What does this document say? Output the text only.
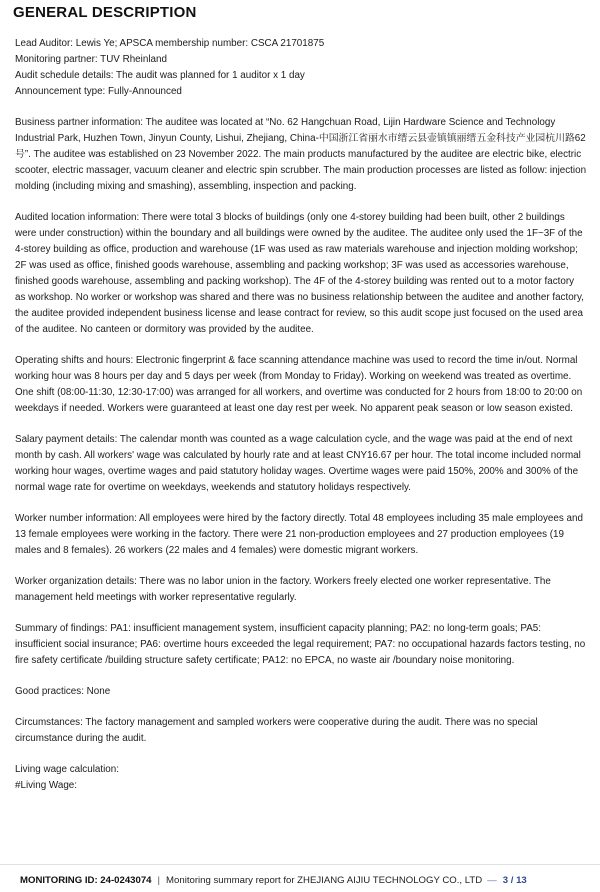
GENERAL DESCRIPTION

Lead Auditor: Lewis Ye; APSCA membership number: CSCA 21701875
Monitoring partner: TUV Rheinland
Audit schedule details: The audit was planned for 1 auditor x 1 day
Announcement type: Fully-Announced

Business partner information: The auditee was located at “No. 62 Hangchuan Road, Lijin Hardware Science and Technology Industrial Park, Huzhen Town, Jinyun County, Lishui, Zhejiang, China-中国浙江省丽水市缙云县壶镇镇丽缙五金科技产业园杭川路62号”. The auditee was established on 23 November 2022. The main products manufactured by the auditee are electric bike, electric scooter, electric massager, vacuum cleaner and electric spin scrubber. The main production processes are listed as follow: injection molding (including mixing and smashing), assembling, inspection and packing.

Audited location information: There were total 3 blocks of buildings (only one 4-storey building had been built, other 2 buildings were under construction) within the boundary and all buildings were owned by the auditee. The auditee only used the 1F~3F of the 4-storey building as office, production and warehouse (1F was used as raw materials warehouse and injection molding workshop; 2F was used as office, finished goods warehouse, assembling and packing workshop; 3F was used as accessories warehouse, finished goods warehouse, assembling and packing workshop). The 4F of the 4-storey building was rented out to a motor factory as workshop. No worker or workshop was shared and there was no business relationship between the auditee and another factory, the auditee provided independent business license and lease contract for review, so this audit scope just focused on the used area of the auditee. No canteen or dormitory was provided by the auditee.

Operating shifts and hours: Electronic fingerprint & face scanning attendance machine was used to record the time in/out. Normal working hour was 8 hours per day and 5 days per week (from Monday to Friday). Working on weekend was treated as overtime. One shift (08:00-11:30, 12:30-17:00) was arranged for all workers, and overtime was conducted for 2 hours from 18:00 to 20:00 on weekdays if needed. Workers were guaranteed at least one day rest per week. No apparent peak season or low season existed.

Salary payment details: The calendar month was counted as a wage calculation cycle, and the wage was paid at the end of next month by cash. All workers' wage was calculated by hourly rate and at least CNY16.67 per hour. The total income included normal working hour wages, overtime wages and paid statutory holiday wages. Overtime wages were paid 150%, 200% and 300% of the normal wage rate for overtime on weekdays, weekends and statutory holidays respectively.

Worker number information: All employees were hired by the factory directly. Total 48 employees including 35 male employees and 13 female employees were working in the factory. There were 21 non-production employees and 27 production employees (19 males and 8 females). 26 workers (22 males and 4 females) were domestic migrant workers.

Worker organization details: There was no labor union in the factory. Workers freely elected one worker representative. The management held meetings with worker representative regularly.

Summary of findings: PA1: insufficient management system, insufficient capacity planning; PA2: no long-term goals; PA5: insufficient social insurance; PA6: overtime hours exceeded the legal requirement; PA7: no occupational hazards factors testing, no fire safety certificate /building structure safety certificate; PA12: no EPCA, no waste air /boundary noise monitoring.

Good practices: None

Circumstances: The factory management and sampled workers were cooperative during the audit. There was no special circumstance during the audit.

Living wage calculation:
#Living Wage:

MONITORING ID: 24-0243074 | Monitoring summary report for ZHEJIANG AIJIU TECHNOLOGY CO., LTD — 3 / 13
